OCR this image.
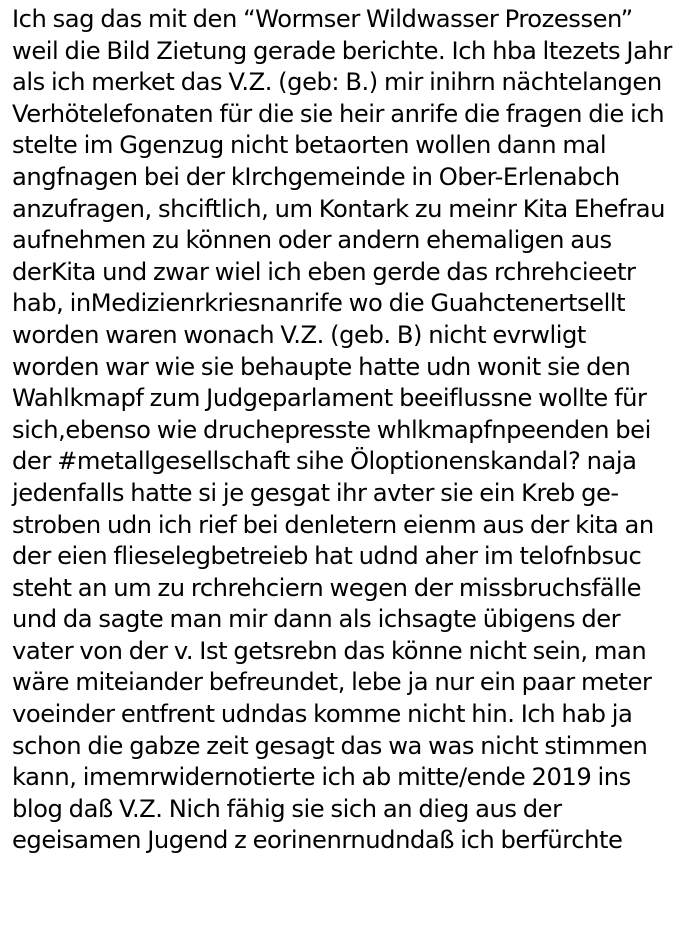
Ich sag das mit den “Wormser Wildwasser Prozessen”
weil die Bild Zietung gerade berichte. Ich hba ltezets Jahr
als ich merket das V.Z. (geb: B.) mir inihrn nächtelangen
Verhötelefonaten für die sie heir anrife die fragen die ich
stelte im Ggenzug nicht betaorten wollen dann mal
angfnagen bei der kIrchgemeinde in Ober-Erlenabch
anzufragen, shciftlich, um Kontark zu meinr Kita Ehefrau
aufnehmen zu können oder andern ehemaligen aus
derKita und zwar wiel ich eben gerde das rchrehcieetr
hab, inMedizienrkriesnanrife wo die Guahctenertsellt
worden waren wonach V.Z. (geb. B) nicht evrwligt
worden war wie sie behaupte hatte udn wonit sie den
Wahlkmapf zum Judgeparlament beeiflussne wollte für
sich,ebenso wie druchepresste whlkmapfnpeenden bei
der #metallgesellschaft sihe Öloptionenskandal? naja
jedenfalls hatte si je gesgat ihr avter sie ein Kreb ge-
stroben udn ich rief bei denletern eienm aus der kita an
der eien flieselegbetreieb hat udnd aher im telofnbsuc
steht an um zu rchrehciern wegen der missbruchsfälle
und da sagte man mir dann als ichsagte übigens der
vater von der v. Ist getsrebn das könne nicht sein, man
wäre miteiander befreundet, lebe ja nur ein paar meter
voeinder entfrent udndas komme nicht hin. Ich hab ja
schon die gabze zeit gesagt das wa was nicht stimmen
kann, imemrwidernotierte ich ab mitte/ende 2019 ins
blog daß V.Z. Nich fähig sie sich an dieg aus der
egeisamen Jugend z eorinenrnudndaß ich berfürchte
